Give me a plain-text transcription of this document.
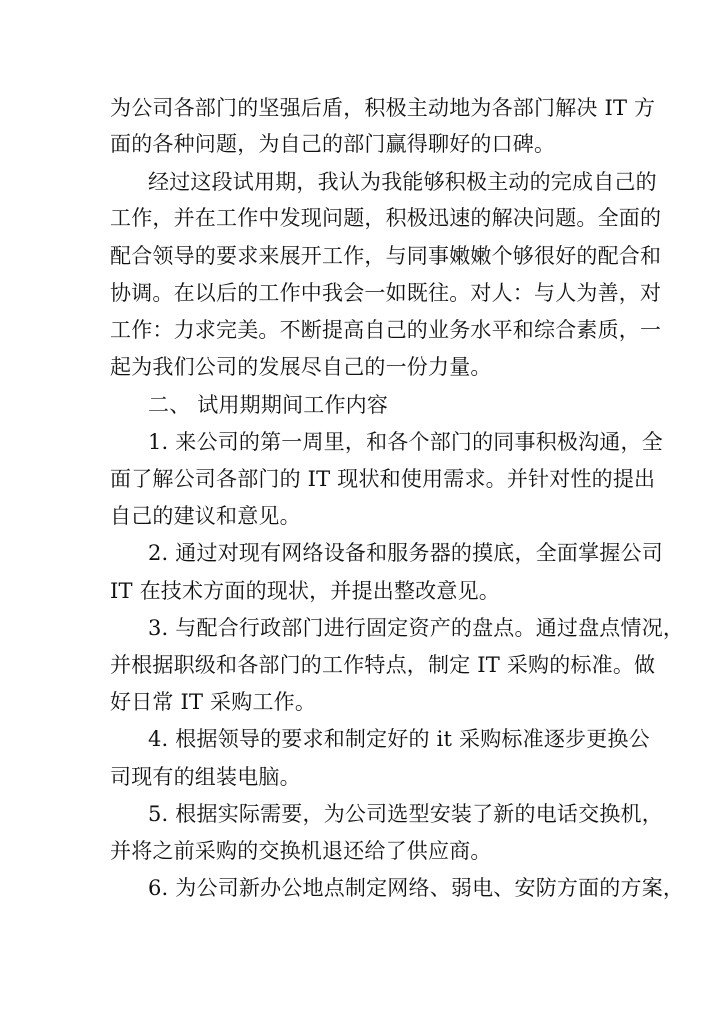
为公司各部门的坚强后盾，积极主动地为各部门解决 IT 方
面的各种问题，为自己的部门赢得聊好的口碑。
经过这段试用期，我认为我能够积极主动的完成自己的
工作，并在工作中发现问题，积极迅速的解决问题。全面的
配合领导的要求来展开工作，与同事嫩嫩个够很好的配合和
协调。在以后的工作中我会一如既往。对人：与人为善，对
工作：力求完美。不断提高自己的业务水平和综合素质，一
起为我们公司的发展尽自己的一份力量。
二、 试用期期间工作内容
1. 来公司的第一周里，和各个部门的同事积极沟通，全
面了解公司各部门的 IT 现状和使用需求。并针对性的提出
自己的建议和意见。
2. 通过对现有网络设备和服务器的摸底，全面掌握公司
IT 在技术方面的现状，并提出整改意见。
3. 与配合行政部门进行固定资产的盘点。通过盘点情况，
并根据职级和各部门的工作特点，制定 IT 采购的标准。做
好日常 IT 采购工作。
4. 根据领导的要求和制定好的 it 采购标准逐步更换公
司现有的组装电脑。
5. 根据实际需要，为公司选型安装了新的电话交换机，
并将之前采购的交换机退还给了供应商。
6. 为公司新办公地点制定网络、弱电、安防方面的方案，
